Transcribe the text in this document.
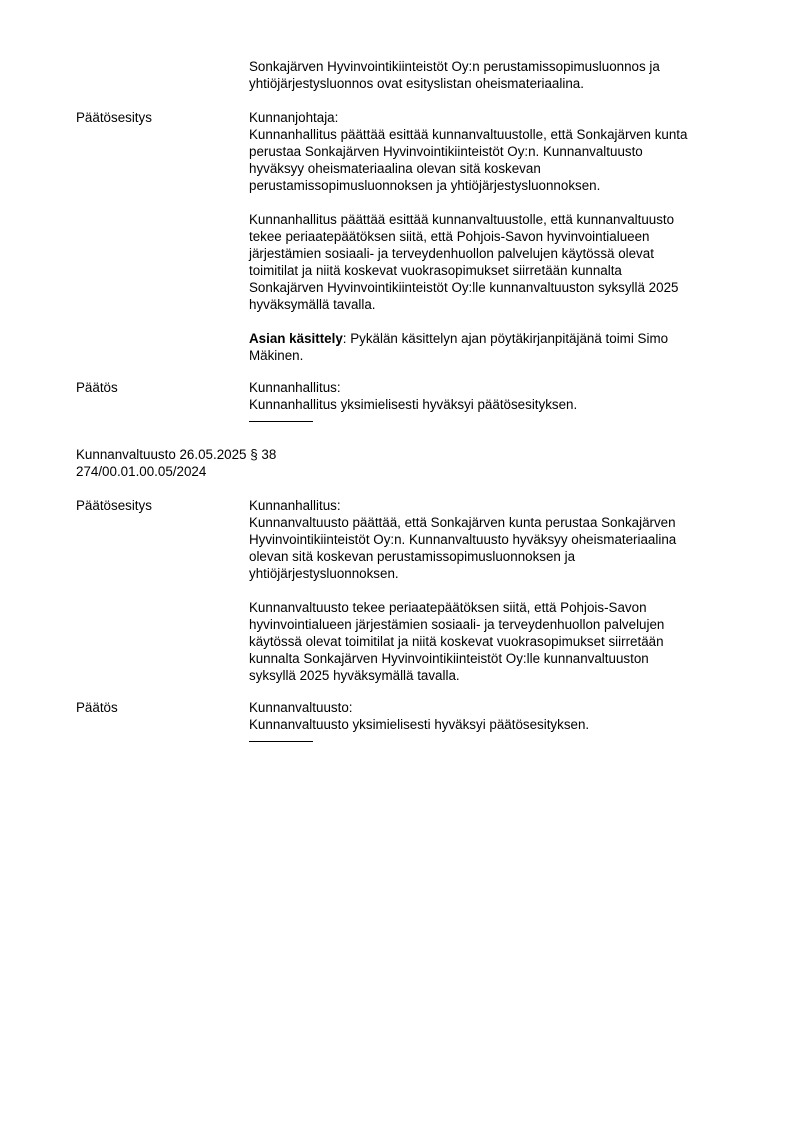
Sonkajärven Hyvinvointikiinteistöt Oy:n perustamissopimusluonnos ja
yhtiöjärjestysluonnos ovat esityslistan oheismateriaalina.
Päätösesitys	Kunnanjohtaja:
Kunnanhallitus päättää esittää kunnanvaltuustolle, että Sonkajärven kunta
perustaa Sonkajärven Hyvinvointikiinteistöt Oy:n. Kunnanvaltuusto
hyväksyy oheismateriaalina olevan sitä koskevan
perustamissopimusluonnoksen ja yhtiöjärjestysluonnoksen.
Kunnanhallitus päättää esittää kunnanvaltuustolle, että kunnanvaltuusto
tekee periaatepäätöksen siitä, että Pohjois-Savon hyvinvointialueen
järjestämien sosiaali- ja terveydenhuollon palvelujen käytössä olevat
toimitilat ja niitä koskevat vuokrasopimukset siirretään kunnalta
Sonkajärven Hyvinvointikiinteistöt Oy:lle kunnanvaltuuston syksyllä 2025
hyväksymällä tavalla.
Asian käsittely: Pykälän käsittelyn ajan pöytäkirjanpitäjänä toimi Simo
Mäkinen.
Päätös	Kunnanhallitus:
Kunnanhallitus yksimielisesti hyväksyi päätösesityksen.
Kunnanvaltuusto 26.05.2025 § 38
274/00.01.00.05/2024
Päätösesitys	Kunnanhallitus:
Kunnanvaltuusto päättää, että Sonkajärven kunta perustaa Sonkajärven
Hyvinvointikiinteistöt Oy:n. Kunnanvaltuusto hyväksyy oheismateriaalina
olevan sitä koskevan perustamissopimusluonnoksen ja
yhtiöjärjestysluonnoksen.
Kunnanvaltuusto tekee periaatepäätöksen siitä, että Pohjois-Savon
hyvinvointialueen järjestämien sosiaali- ja terveydenhuollon palvelujen
käytössä olevat toimitilat ja niitä koskevat vuokrasopimukset siirretään
kunnalta Sonkajärven Hyvinvointikiinteistöt Oy:lle kunnanvaltuuston
syksyllä 2025 hyväksymällä tavalla.
Päätös	Kunnanvaltuusto:
Kunnanvaltuusto yksimielisesti hyväksyi päätösesityksen.
